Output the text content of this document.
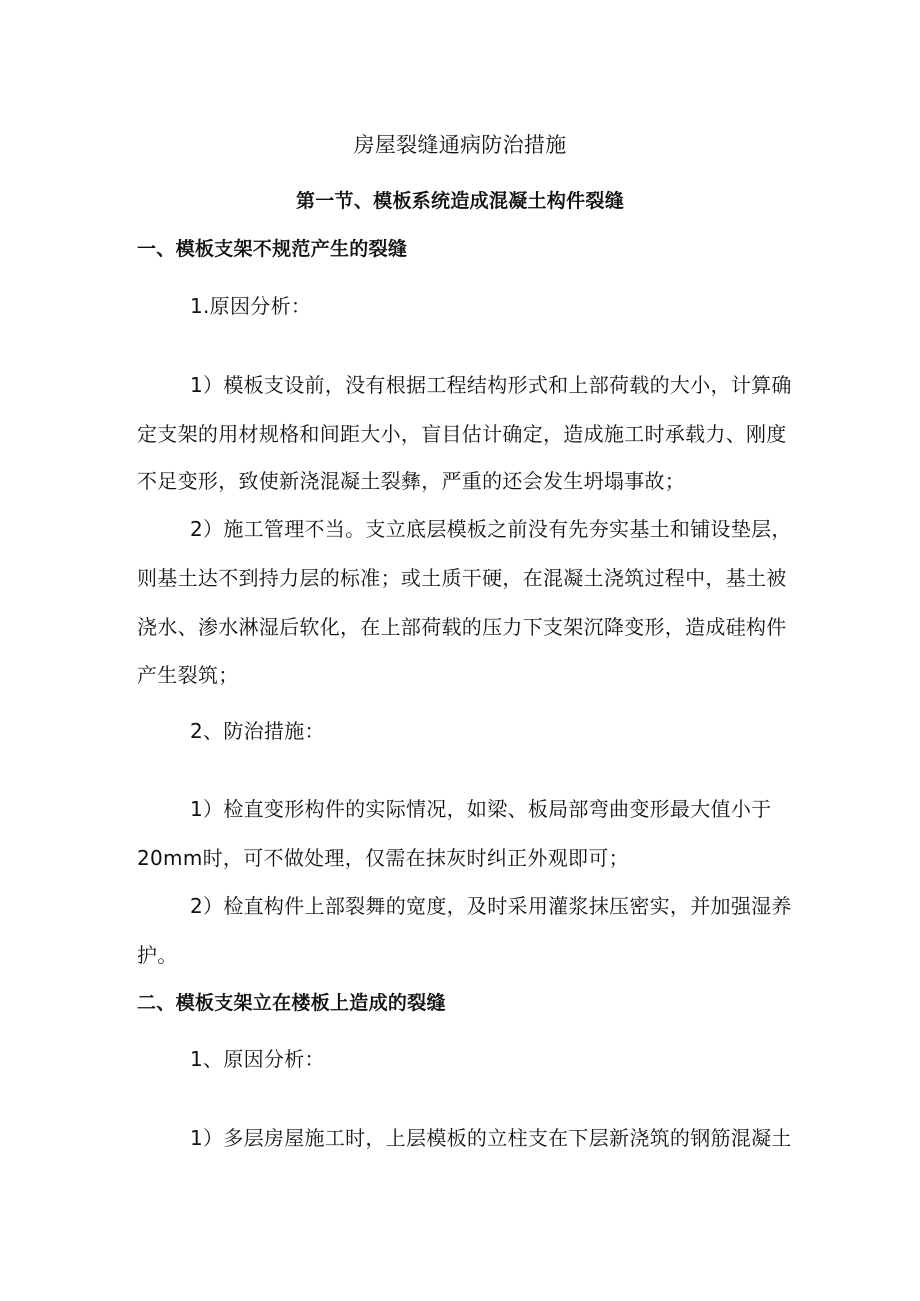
房屋裂缝通病防治措施
第一节、模板系统造成混凝土构件裂缝
一、模板支架不规范产生的裂缝
1.原因分析：
1）模板支设前，没有根据工程结构形式和上部荷载的大小，计算确
定支架的用材规格和间距大小，盲目估计确定，造成施工时承载力、刚度
不足变形，致使新浇混凝土裂彝，严重的还会发生坍塌事故；
2）施工管理不当。支立底层模板之前没有先夯实基土和铺设垫层，
则基土达不到持力层的标准；或土质干硬，在混凝土浇筑过程中，基土被
浇水、渗水淋湿后软化，在上部荷载的压力下支架沉降变形，造成硅构件
产生裂筑；
2、防治措施：
1）检直变形构件的实际情况，如梁、板局部弯曲变形最大值小于
20mm时，可不做处理，仅需在抹灰时纠正外观即可；
2）检直构件上部裂舞的宽度，及时采用灌浆抹压密实，并加强湿养
护。
二、模板支架立在楼板上造成的裂缝
1、原因分析：
1）多层房屋施工时，上层模板的立柱支在下层新浇筑的钢筋混凝土
